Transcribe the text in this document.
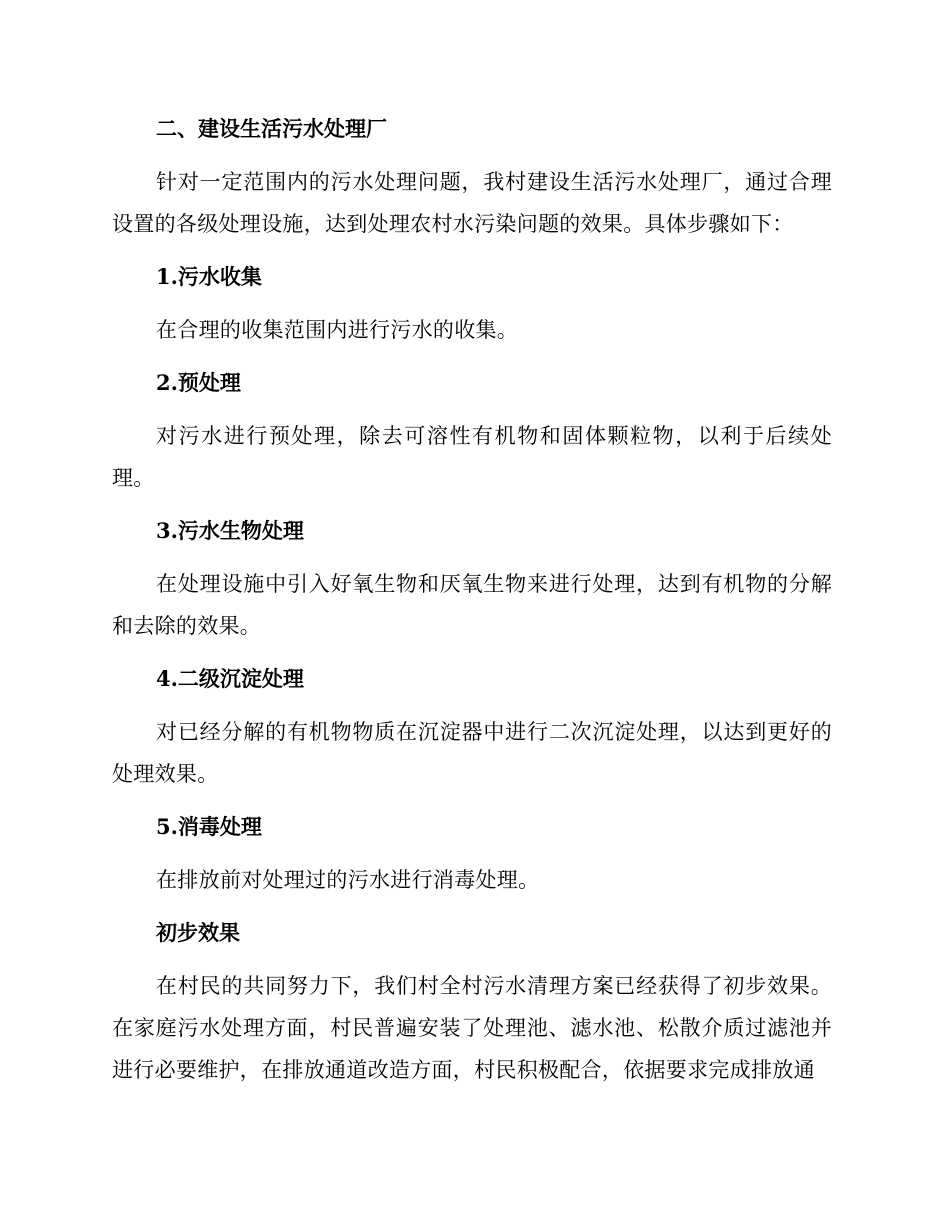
二、建设生活污水处理厂

针对一定范围内的污水处理问题，我村建设生活污水处理厂，通过合理设置的各级处理设施，达到处理农村水污染问题的效果。具体步骤如下：

1.污水收集

在合理的收集范围内进行污水的收集。

2.预处理

对污水进行预处理，除去可溶性有机物和固体颗粒物，以利于后续处理。

3.污水生物处理

在处理设施中引入好氧生物和厌氧生物来进行处理，达到有机物的分解和去除的效果。

4.二级沉淀处理

对已经分解的有机物物质在沉淀器中进行二次沉淀处理，以达到更好的处理效果。

5.消毒处理

在排放前对处理过的污水进行消毒处理。

初步效果

在村民的共同努力下，我们村全村污水清理方案已经获得了初步效果。在家庭污水处理方面，村民普遍安装了处理池、滤水池、松散介质过滤池并进行必要维护，在排放通道改造方面，村民积极配合，依据要求完成排放通
